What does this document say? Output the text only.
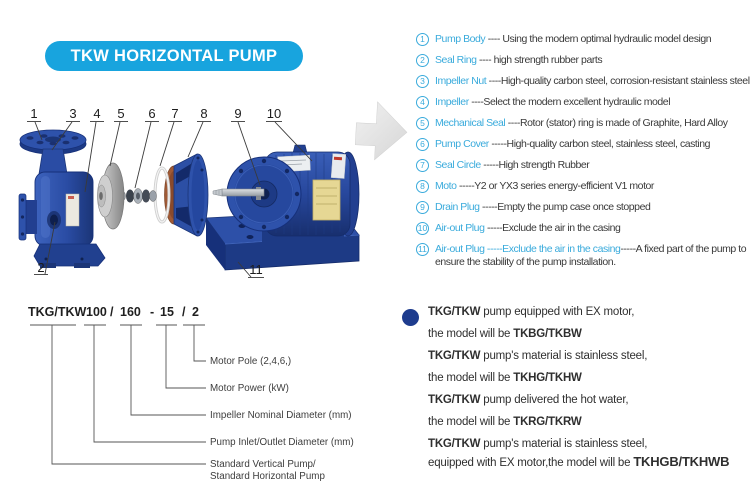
TKW HORIZONTAL PUMP
1 3 4 5 6 7 8 9 10
2	11
1 Pump Body ---- Using the modern optimal hydraulic model design
2 Seal Ring ---- high strength rubber parts
3 Impeller Nut ----High-quality carbon steel, corrosion-resistant stainless steel
4 Impeller ----Select the modern excellent hydraulic model
5 Mechanical Seal ----Rotor (stator) ring is made of Graphite, Hard Alloy
6 Pump Cover -----High-quality carbon steel, stainless steel, casting
7 Seal Circle -----High strength Rubber
8 Moto -----Y2 or YX3 series energy-efficient V1 motor
9 Drain Plug -----Empty the pump case once stopped
10 Air-out Plug -----Exclude the air in the casing
11 Air-out Plug -----Exclude the air in the casing-----A fixed part of the pump to ensure the stability of the pump installation.
TKG/TKW 100 / 160 - 15 / 2
Motor Pole (2,4,6,)
Motor Power (kW)
Impeller Nominal Diameter (mm)
Pump Inlet/Outlet Diameter (mm)
Standard Vertical Pump/
Standard Horizontal Pump
TKG/TKW pump equipped with EX motor,
the model will be TKBG/TKBW
TKG/TKW pump's material is stainless steel,
the model will be TKHG/TKHW
TKG/TKW pump delivered the hot water,
the model will be TKRG/TKRW
TKG/TKW pump's material is stainless steel,
equipped with EX motor,the model will be TKHGB/TKHWB
